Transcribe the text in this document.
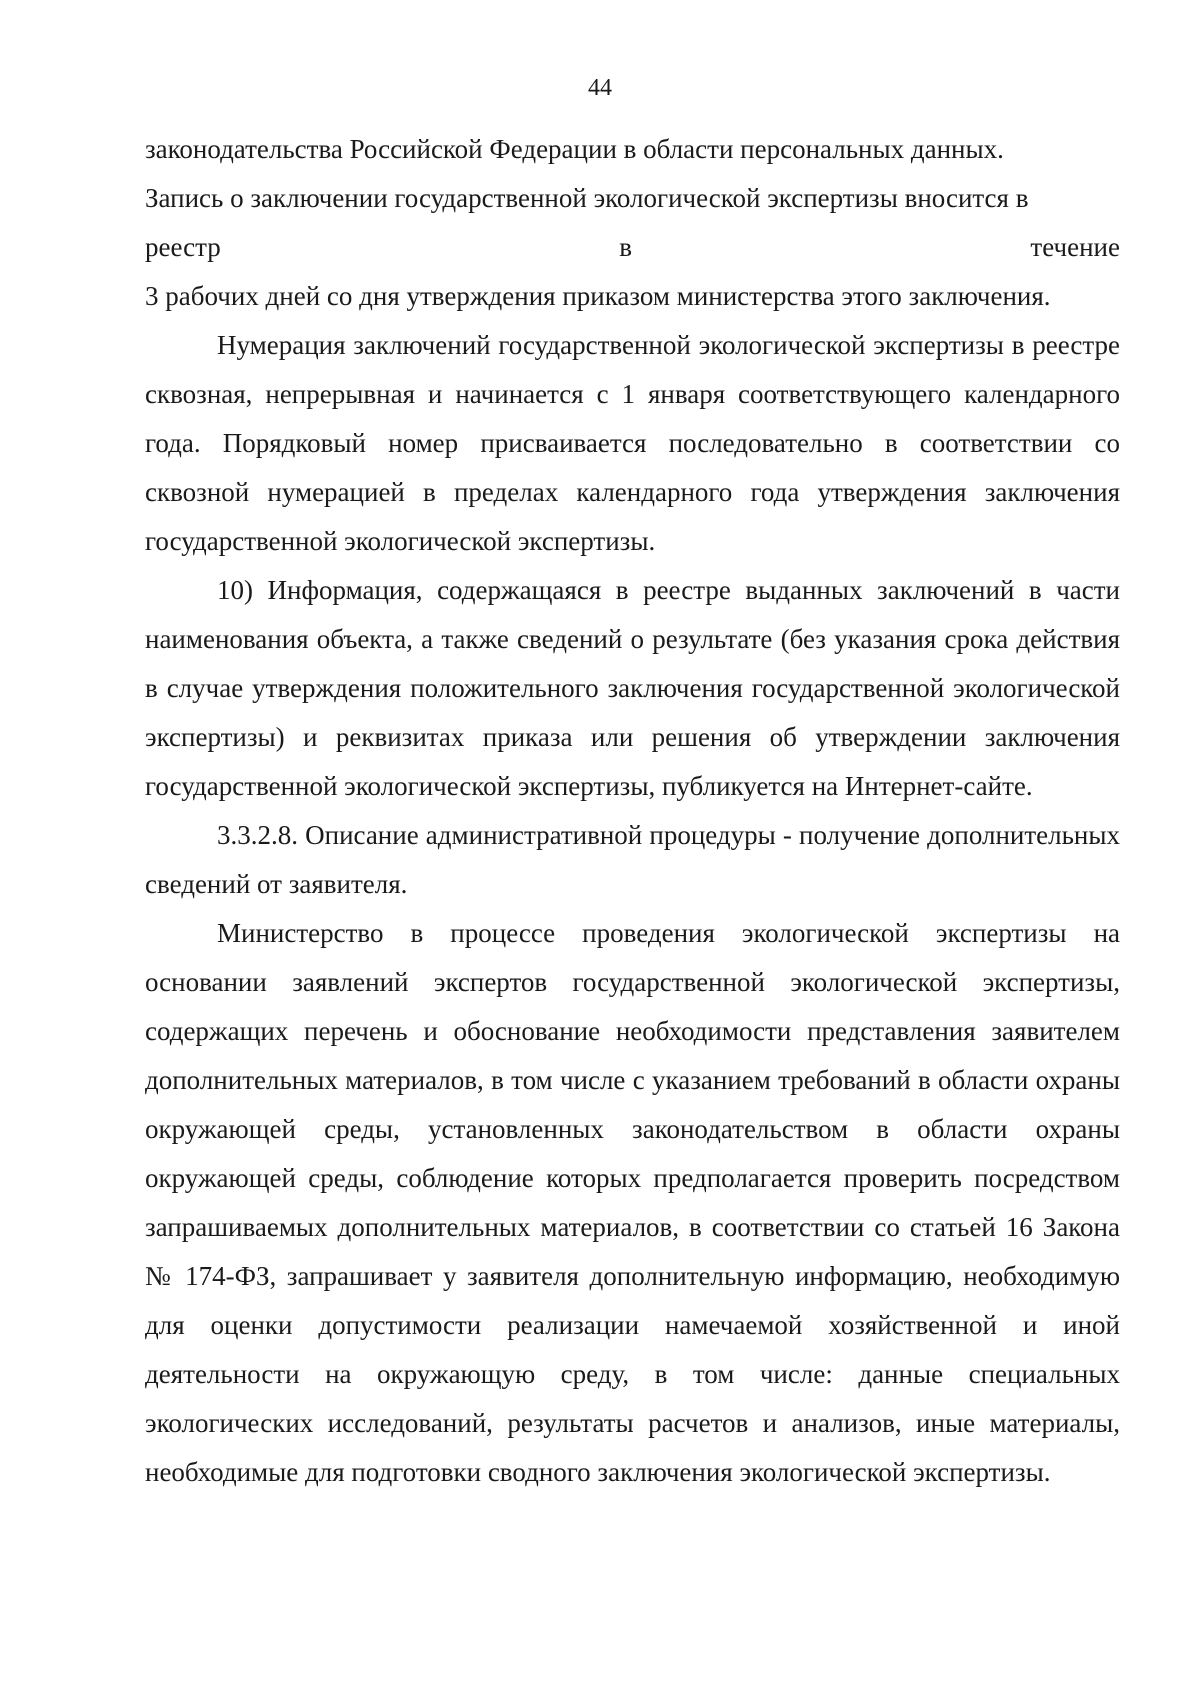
44

законодательства Российской Федерации в области персональных данных.

Запись о заключении государственной экологической экспертизы вносится в

реестр	в	течение

3 рабочих дней со дня утверждения приказом министерства этого заключения.

Нумерация заключений государственной экологической экспертизы в реестре сквозная, непрерывная и начинается с 1 января соответствующего календарного года. Порядковый номер присваивается последовательно в соответствии со сквозной нумерацией в пределах календарного года утверждения заключения государственной экологической экспертизы.

10) Информация, содержащаяся в реестре выданных заключений в части наименования объекта, а также сведений о результате (без указания срока действия в случае утверждения положительного заключения государственной экологической экспертизы) и реквизитах приказа или решения об утверждении заключения государственной экологической экспертизы, публикуется на Интернет-сайте.

3.3.2.8. Описание административной процедуры - получение дополнительных сведений от заявителя.

Министерство в процессе проведения экологической экспертизы на основании заявлений экспертов государственной экологической экспертизы, содержащих перечень и обоснование необходимости представления заявителем дополнительных материалов, в том числе с указанием требований в области охраны окружающей среды, установленных законодательством в области охраны окружающей среды, соблюдение которых предполагается проверить посредством запрашиваемых дополнительных материалов, в соответствии со статьей 16 Закона № 174-ФЗ, запрашивает у заявителя дополнительную информацию, необходимую для оценки допустимости реализации намечаемой хозяйственной и иной деятельности на окружающую среду, в том числе: данные специальных экологических исследований, результаты расчетов и анализов, иные материалы, необходимые для подготовки сводного заключения экологической экспертизы.
